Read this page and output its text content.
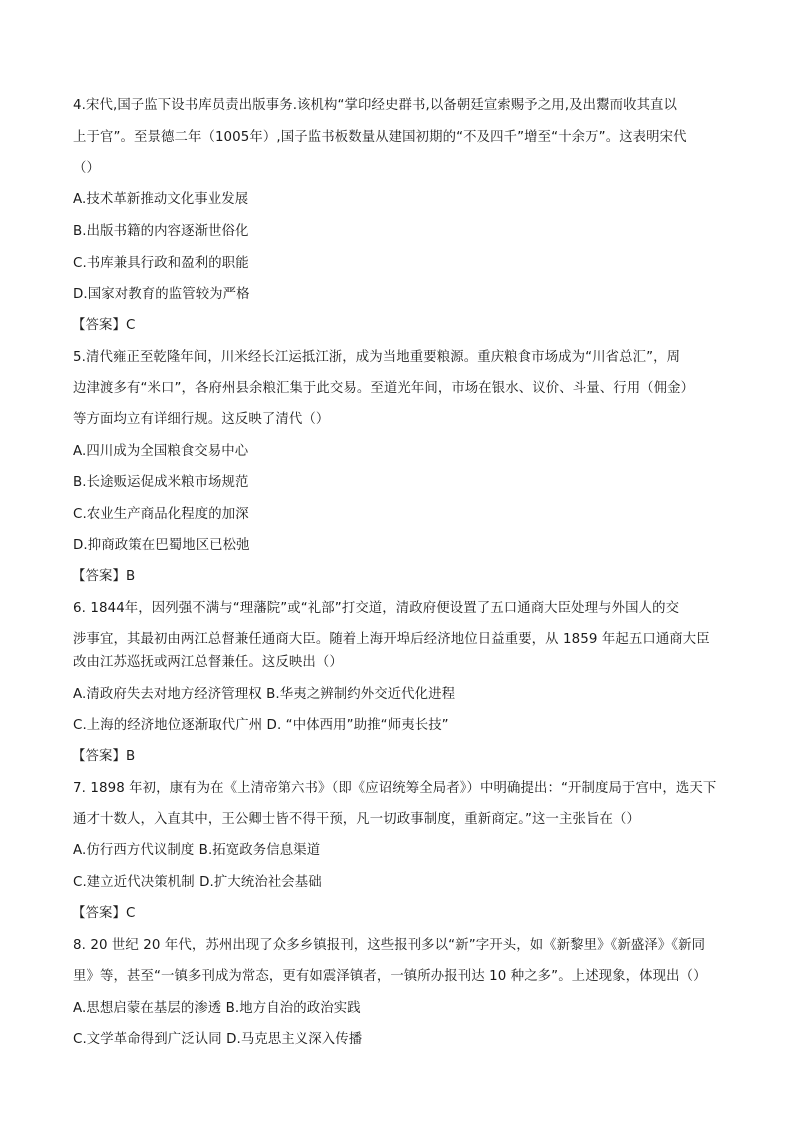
4.宋代,国子监下设书库员责出版事务.该机构“掌印经史群书,以备朝廷宣索赐予之用,及出鬻而收其直以
上于官”。至景德二年（1005年）,国子监书板数量从建国初期的“不及四千”增至“十余万”。这表明宋代
（）
A.技术革新推动文化事业发展
B.出版书籍的内容逐渐世俗化
C.书库兼具行政和盈利的职能
D.国家对教育的监管较为严格
【答案】C
5.清代雍正至乾隆年间，川米经长江运抵江浙，成为当地重要粮源。重庆粮食市场成为“川省总汇”，周
边津渡多有“米口”，各府州县余粮汇集于此交易。至道光年间，市场在银水、议价、斗量、行用（佣金）
等方面均立有详细行规。这反映了清代（）
A.四川成为全国粮食交易中心
B.长途贩运促成米粮市场规范
C.农业生产商品化程度的加深
D.抑商政策在巴蜀地区已松弛
【答案】B
6. 1844年，因列强不满与“理藩院”或“礼部”打交道，清政府便设置了五口通商大臣处理与外国人的交
涉事宜，其最初由两江总督兼任通商大臣。随着上海开埠后经济地位日益重要，从 1859 年起五口通商大臣
改由江苏巡抚或两江总督兼任。这反映出（）
A.清政府失去对地方经济管理权 B.华夷之辨制约外交近代化进程
C.上海的经济地位逐渐取代广州 D. “中体西用”助推“师夷长技”
【答案】B
7. 1898 年初，康有为在《上清帝第六书》（即《应诏统筹全局者》）中明确提出：“开制度局于宫中，选天下
通才十数人，入直其中，王公卿士皆不得干预，凡一切政事制度，重新商定。”这一主张旨在（）
A.仿行西方代议制度 B.拓宽政务信息渠道
C.建立近代决策机制 D.扩大统治社会基础
【答案】C
8. 20 世纪 20 年代，苏州出现了众多乡镇报刊，这些报刊多以“新”字开头，如《新黎里》《新盛泽》《新同
里》等，甚至“一镇多刊成为常态，更有如震泽镇者，一镇所办报刊达 10 种之多”。上述现象，体现出（）
A.思想启蒙在基层的渗透 B.地方自治的政治实践
C.文学革命得到广泛认同 D.马克思主义深入传播
